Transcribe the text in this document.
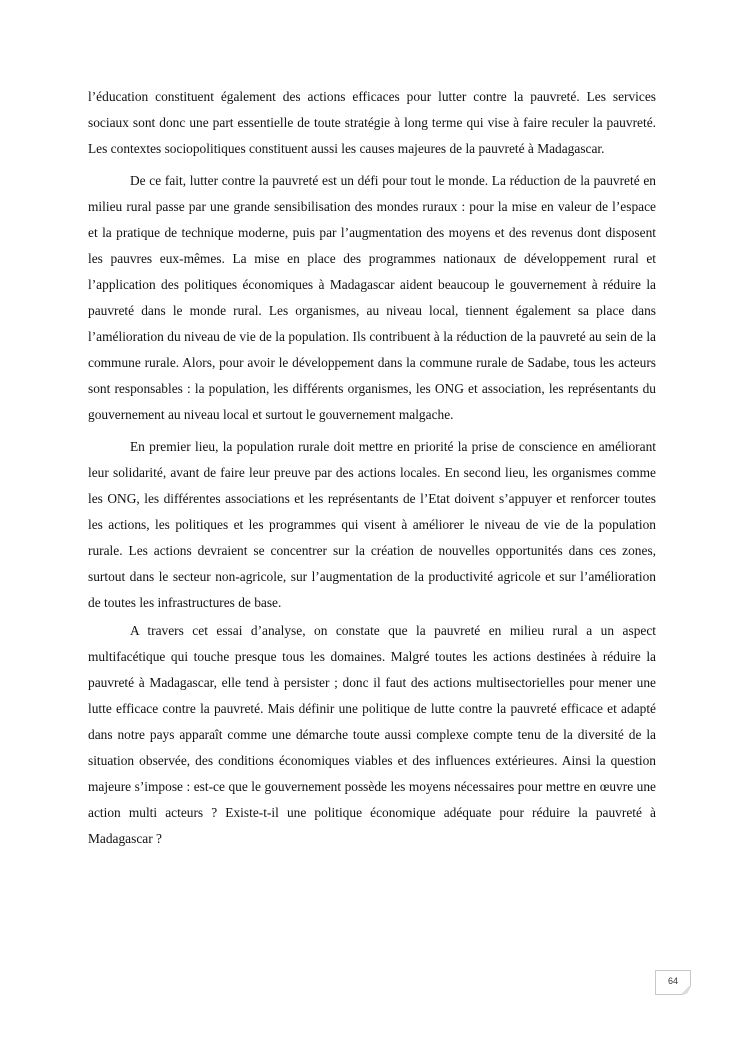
l’éducation constituent également des actions efficaces pour lutter contre la pauvreté. Les services sociaux sont donc une part essentielle de toute stratégie à long terme qui vise à faire reculer la pauvreté. Les contextes sociopolitiques constituent aussi les causes majeures de la pauvreté à Madagascar.

De ce fait, lutter contre la pauvreté est un défi pour tout le monde. La réduction de la pauvreté en milieu rural passe par une grande sensibilisation des mondes ruraux : pour la mise en valeur de l’espace et la pratique de technique moderne, puis par l’augmentation des moyens et des revenus dont disposent les pauvres eux-mêmes. La mise en place des programmes nationaux de développement rural et l’application des politiques économiques à Madagascar aident beaucoup le gouvernement à réduire la pauvreté dans le monde rural. Les organismes, au niveau local, tiennent également sa place dans l’amélioration du niveau de vie de la population. Ils contribuent à la réduction de la pauvreté au sein de la commune rurale. Alors, pour avoir le développement dans la commune rurale de Sadabe, tous les acteurs sont responsables : la population, les différents organismes, les ONG et association, les représentants du gouvernement au niveau local et surtout le gouvernement malgache.

En premier lieu, la population rurale doit mettre en priorité la prise de conscience en améliorant leur solidarité, avant de faire leur preuve par des actions locales. En second lieu, les organismes comme les ONG, les différentes associations et les représentants de l’Etat doivent s’appuyer et renforcer toutes les actions, les politiques et les programmes qui visent à améliorer le niveau de vie de la population rurale. Les actions devraient se concentrer sur la création de nouvelles opportunités dans ces zones, surtout dans le secteur non-agricole, sur l’augmentation de la productivité agricole et sur l’amélioration de toutes les infrastructures de base.

A travers cet essai d’analyse, on constate que la pauvreté en milieu rural a un aspect multifacétique qui touche presque tous les domaines. Malgré toutes les actions destinées à réduire la pauvreté à Madagascar, elle tend à persister ; donc il faut des actions multisectorielles pour mener une lutte efficace contre la pauvreté. Mais définir une politique de lutte contre la pauvreté efficace et adapté dans notre pays apparaît comme une démarche toute aussi complexe compte tenu de la diversité de la situation observée, des conditions économiques viables et des influences extérieures. Ainsi la question majeure s’impose : est-ce que le gouvernement possède les moyens nécessaires pour mettre en œuvre une action multi acteurs ? Existe-t-il une politique économique adéquate pour réduire la pauvreté à Madagascar ?

64
